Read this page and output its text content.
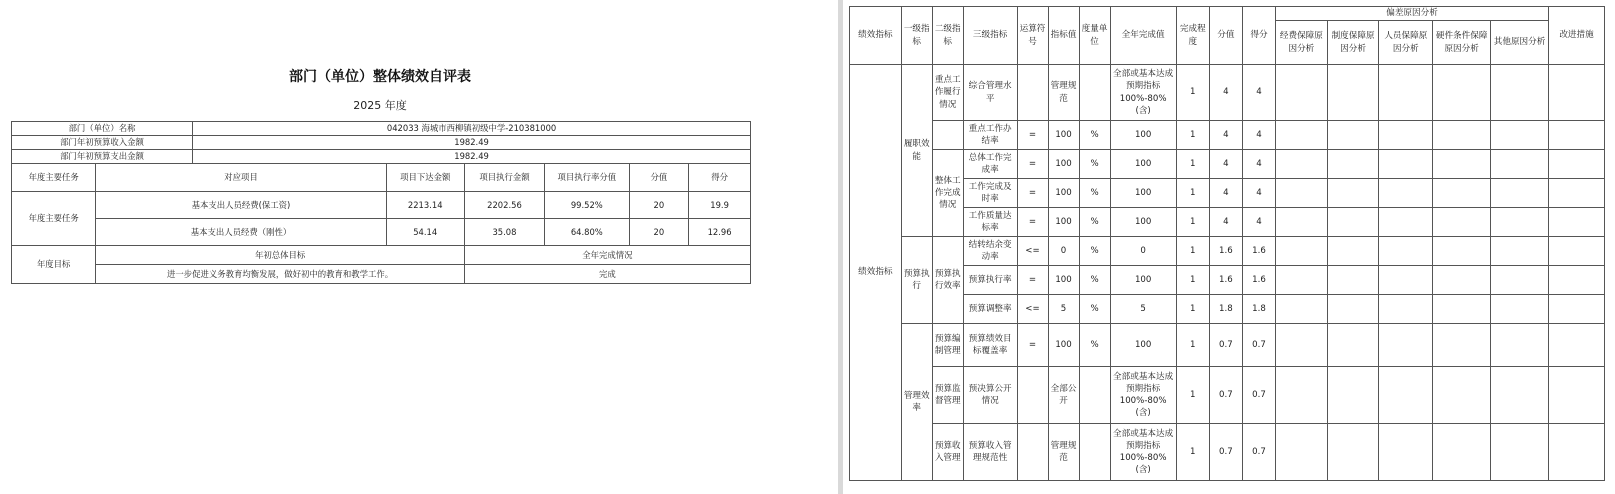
部门（单位）整体绩效自评表
2025 年度
部门（单位）名称		042033 海城市西柳镇初级中学-210381000					
部门年初预算收入金额		1982.49					
部门年初预算支出金额		1982.49					
年度主要任务	对应项目		项目下达金额	项目执行金额	项目执行率分值	分值	得分
年度主要任务	基本支出人员经费(保工资)		2213.14	2202.56	99.52%	20	19.9
	基本支出人员经费（刚性）		54.14	35.08	64.80%	20	12.96
年度目标	年初总体目标			全年完成情况			
	进一步促进义务教育均衡发展，做好初中的教育和教学工作。			完成			
绩效指标	一级指标	二级指标	三级指标	运算符号	指标值	度量单位	全年完成值	完成程度	分值	得分	偏差原因分析					改进措施
											经费保障原因分析	制度保障原因分析	人员保障原因分析	硬件条件保障原因分析	其他原因分析	
绩效指标	履职效能	重点工作履行情况	综合管理水平		管理规范		全部或基本达成预期指标 100%-80%(含)	1	4	4						
			重点工作办结率	=	100	%	100	1	4	4						
		整体工作完成情况	总体工作完成率	=	100	%	100	1	4	4						
			工作完成及时率	=	100	%	100	1	4	4						
			工作质量达标率	=	100	%	100	1	4	4						
	预算执行	预算执行效率	结转结余变动率	<=	0	%	0	1	1.6	1.6						
			预算执行率	=	100	%	100	1	1.6	1.6						
			预算调整率	<=	5	%	5	1	1.8	1.8						
	管理效率	预算编制管理	预算绩效目标覆盖率	=	100	%	100	1	0.7	0.7						
		预算监督管理	预决算公开情况		全部公开		全部或基本达成预期指标 100%-80%(含)	1	0.7	0.7						
		预算收入管理	预算收入管理规范性		管理规范		全部或基本达成预期指标 100%-80%(含)	1	0.7	0.7						
